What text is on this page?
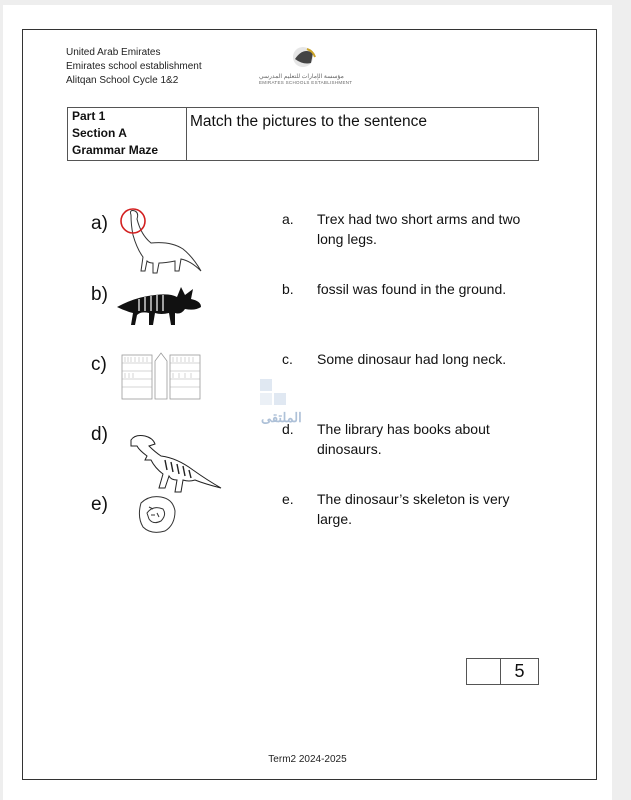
United Arab Emirates
Emirates school establishment
Alitqan School Cycle 1&2	مؤسسة الإمارات للتعليم المدرسي
EMIRATES SCHOOLS ESTABLISHMENT
Part 1
Section A
Grammar Maze
Match the pictures to the sentence
a)
b)
c)
d)
e)
a. Trex had two short arms and two long legs.
b. fossil was found in the ground.
c. Some dinosaur had long neck.
d. The library has books about dinosaurs.
e. The dinosaur’s skeleton is very large.
الملتقى
5
Term2 2024-2025
